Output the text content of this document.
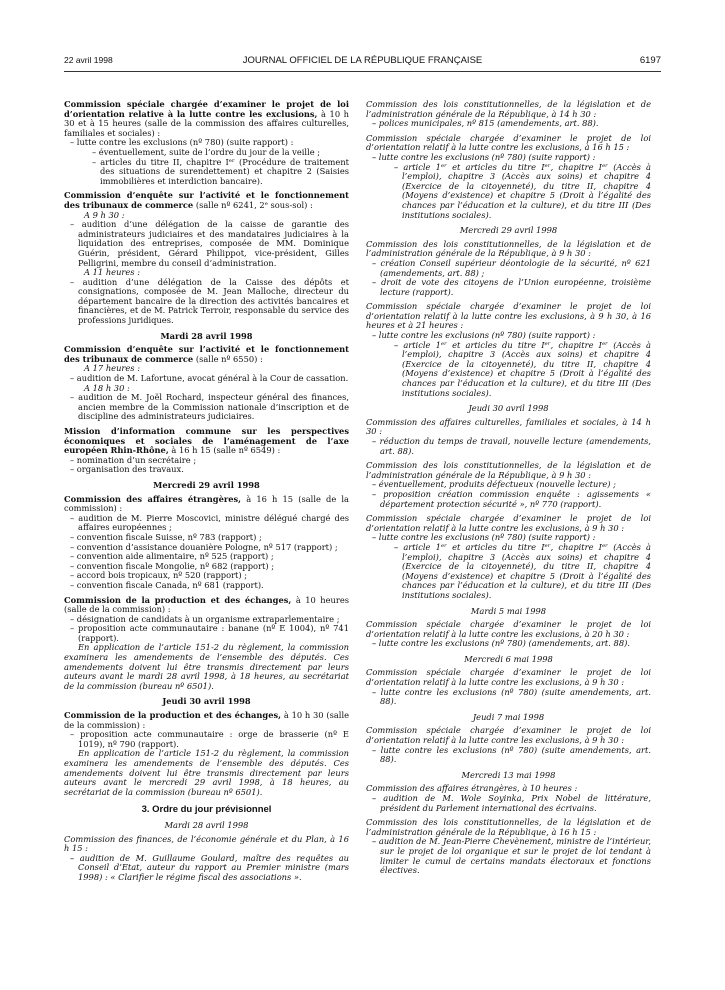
22 avril 1998	JOURNAL OFFICIEL DE LA RÉPUBLIQUE FRANÇAISE	6197
Commission spéciale chargée d’examiner le projet de loi d’orientation relative à la lutte contre les exclusions, à 10 h 30 et à 15 heures (salle de la commission des affaires culturelles, familiales et sociales) :
– lutte contre les exclusions (nº 780) (suite rapport) :
– éventuellement, suite de l’ordre du jour de la veille ;
– articles du titre II, chapitre Iᵉʳ (Procédure de traitement des situations de surendettement) et chapitre 2 (Saisies immobilières et interdiction bancaire).
Commission d’enquête sur l’activité et le fonctionnement des tribunaux de commerce (salle nº 6241, 2ᵉ sous-sol) :
A 9 h 30 :
– audition d’une délégation de la caisse de garantie des administrateurs judiciaires et des mandataires judiciaires à la liquidation des entreprises, composée de MM. Dominique Guérin, président, Gérard Philippot, vice-président, Gilles Pelligrini, membre du conseil d’administration.
A 11 heures :
– audition d’une délégation de la Caisse des dépôts et consignations, composée de M. Jean Malloche, directeur du département bancaire de la direction des activités bancaires et financières, et de M. Patrick Terroir, responsable du service des professions juridiques.
Mardi 28 avril 1998
Commission d’enquête sur l’activité et le fonctionnement des tribunaux de commerce (salle nº 6550) :
A 17 heures :
– audition de M. Lafortune, avocat général à la Cour de cassation.
A 18 h 30 :
– audition de M. Joël Rochard, inspecteur général des finances, ancien membre de la Commission nationale d’inscription et de discipline des administrateurs judiciaires.
Mission d’information commune sur les perspectives économiques et sociales de l’aménagement de l’axe européen Rhin-Rhône, à 16 h 15 (salle nº 6549) :
– nomination d’un secrétaire ;
– organisation des travaux.
Mercredi 29 avril 1998
Commission des affaires étrangères, à 16 h 15 (salle de la commission) :
– audition de M. Pierre Moscovici, ministre délégué chargé des affaires européennes ;
– convention fiscale Suisse, nº 783 (rapport) ;
– convention d’assistance douanière Pologne, nº 517 (rapport) ;
– convention aide alimentaire, nº 525 (rapport) ;
– convention fiscale Mongolie, nº 682 (rapport) ;
– accord bois tropicaux, nº 520 (rapport) ;
– convention fiscale Canada, nº 681 (rapport).
Commission de la production et des échanges, à 10 heures (salle de la commission) :
– désignation de candidats à un organisme extraparlementaire ;
– proposition acte communautaire : banane (nº E 1004), nº 741 (rapport).
En application de l’article 151-2 du règlement, la commission examinera les amendements de l’ensemble des députés. Ces amendements doivent lui être transmis directement par leurs auteurs avant le mardi 28 avril 1998, à 18 heures, au secrétariat de la commission (bureau nº 6501).
Jeudi 30 avril 1998
Commission de la production et des échanges, à 10 h 30 (salle de la commission) :
– proposition acte communautaire : orge de brasserie (nº E 1019), nº 790 (rapport).
En application de l’article 151-2 du règlement, la commission examinera les amendements de l’ensemble des députés. Ces amendements doivent lui être transmis directement par leurs auteurs avant le mercredi 29 avril 1998, à 18 heures, au secrétariat de la commission (bureau nº 6501).
3. Ordre du jour prévisionnel
Mardi 28 avril 1998
Commission des finances, de l’économie générale et du Plan, à 16 h 15 :
– audition de M. Guillaume Goulard, maître des requêtes au Conseil d’Etat, auteur du rapport au Premier ministre (mars 1998) : « Clarifier le régime fiscal des associations ».
Commission des lois constitutionnelles, de la législation et de l’administration générale de la République, à 14 h 30 :
– polices municipales, nº 815 (amendements, art. 88).
Commission spéciale chargée d’examiner le projet de loi d’orientation relatif à la lutte contre les exclusions, à 16 h 15 :
– lutte contre les exclusions (nº 780) (suite rapport) :
– article 1ᵉʳ et articles du titre Iᵉʳ, chapitre Iᵉʳ (Accès à l’emploi), chapitre 3 (Accès aux soins) et chapitre 4 (Exercice de la citoyenneté), du titre II, chapitre 4 (Moyens d’existence) et chapitre 5 (Droit à l’égalité des chances par l’éducation et la culture), et du titre III (Des institutions sociales).
Mercredi 29 avril 1998
Commission des lois constitutionnelles, de la législation et de l’administration générale de la République, à 9 h 30 :
– création Conseil supérieur déontologie de la sécurité, nº 621 (amendements, art. 88) ;
– droit de vote des citoyens de l’Union européenne, troisième lecture (rapport).
Commission spéciale chargée d’examiner le projet de loi d’orientation relatif à la lutte contre les exclusions, à 9 h 30, à 16 heures et à 21 heures :
– lutte contre les exclusions (nº 780) (suite rapport) :
– article 1ᵉʳ et articles du titre Iᵉʳ, chapitre Iᵉʳ (Accès à l’emploi), chapitre 3 (Accès aux soins) et chapitre 4 (Exercice de la citoyenneté), du titre II, chapitre 4 (Moyens d’existence) et chapitre 5 (Droit à l’égalité des chances par l’éducation et la culture), et du titre III (Des institutions sociales).
Jeudi 30 avril 1998
Commission des affaires culturelles, familiales et sociales, à 14 h 30 :
– réduction du temps de travail, nouvelle lecture (amendements, art. 88).
Commission des lois constitutionnelles, de la législation et de l’administration générale de la République, à 9 h 30 :
– éventuellement, produits défectueux (nouvelle lecture) ;
– proposition création commission enquête : agissements « département protection sécurité », nº 770 (rapport).
Commission spéciale chargée d’examiner le projet de loi d’orientation relatif à la lutte contre les exclusions, à 9 h 30 :
– lutte contre les exclusions (nº 780) (suite rapport) :
– article 1ᵉʳ et articles du titre Iᵉʳ, chapitre Iᵉʳ (Accès à l’emploi), chapitre 3 (Accès aux soins) et chapitre 4 (Exercice de la citoyenneté), du titre II, chapitre 4 (Moyens d’existence) et chapitre 5 (Droit à l’égalité des chances par l’éducation et la culture), et du titre III (Des institutions sociales).
Mardi 5 mai 1998
Commission spéciale chargée d’examiner le projet de loi d’orientation relatif à la lutte contre les exclusions, à 20 h 30 :
– lutte contre les exclusions (nº 780) (amendements, art. 88).
Mercredi 6 mai 1998
Commission spéciale chargée d’examiner le projet de loi d’orientation relatif à la lutte contre les exclusions, à 9 h 30 :
– lutte contre les exclusions (nº 780) (suite amendements, art. 88).
Jeudi 7 mai 1998
Commission spéciale chargée d’examiner le projet de loi d’orientation relatif à la lutte contre les exclusions, à 9 h 30 :
– lutte contre les exclusions (nº 780) (suite amendements, art. 88).
Mercredi 13 mai 1998
Commission des affaires étrangères, à 10 heures :
– audition de M. Wole Soyinka, Prix Nobel de littérature, président du Parlement international des écrivains.
Commission des lois constitutionnelles, de la législation et de l’administration générale de la République, à 16 h 15 :
– audition de M. Jean-Pierre Chevènement, ministre de l’intérieur, sur le projet de loi organique et sur le projet de loi tendant à limiter le cumul de certains mandats électoraux et fonctions électives.
